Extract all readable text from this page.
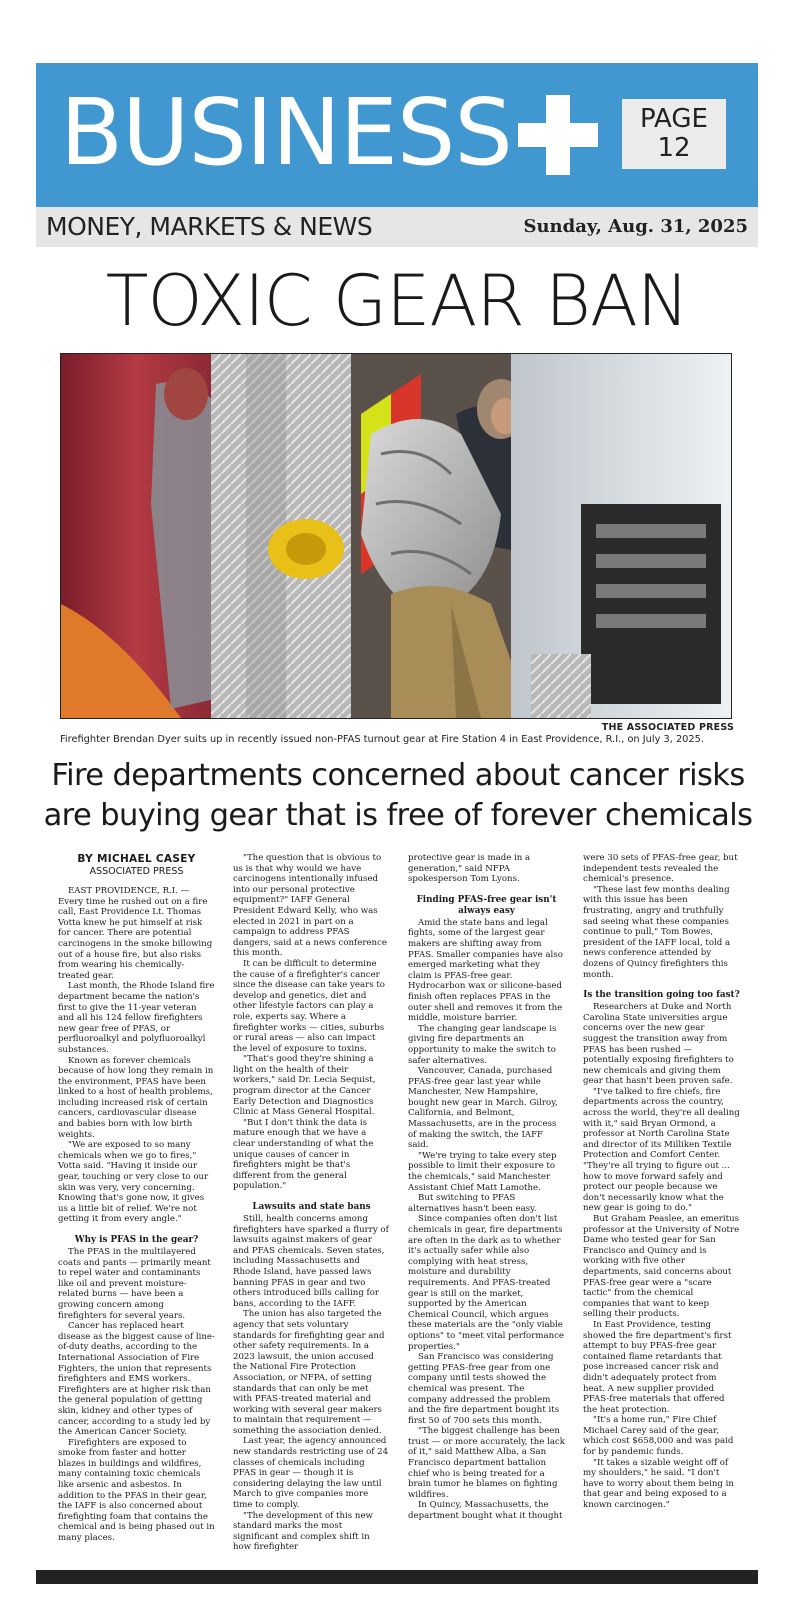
BUSINESS	PAGE
12
MONEY, MARKETS & NEWS	Sunday, Aug. 31, 2025
TOXIC GEAR BAN
THE ASSOCIATED PRESS
Firefighter Brendan Dyer suits up in recently issued non-PFAS turnout gear at Fire Station 4 in East Providence, R.I., on July 3, 2025.
Fire departments concerned about cancer risks are buying gear that is free of forever chemicals
BY MICHAEL CASEY
ASSOCIATED PRESS

EAST PROVIDENCE, R.I. — Every time he rushed out on a fire call, East Providence Lt. Thomas Votta knew he put himself at risk for cancer. There are potential carcinogens in the smoke billowing out of a house fire, but also risks from wearing his chemically-treated gear.

Last month, the Rhode Island fire department became the nation's first to give the 11-year veteran and all his 124 fellow firefighters new gear free of PFAS, or perfluoroalkyl and polyfluoroalkyl substances.

Known as forever chemicals because of how long they remain in the environment, PFAS have been linked to a host of health problems, including increased risk of certain cancers, cardiovascular disease and babies born with low birth weights.

"We are exposed to so many chemicals when we go to fires," Votta said. "Having it inside our gear, touching or very close to our skin was very, very concerning. Knowing that's gone now, it gives us a little bit of relief. We're not getting it from every angle."

Why is PFAS in the gear?

The PFAS in the multilayered coats and pants — primarily meant to repel water and contaminants like oil and prevent moisture-related burns — have been a growing concern among firefighters for several years.

Cancer has replaced heart disease as the biggest cause of line-of-duty deaths, according to the International Association of Fire Fighters, the union that represents firefighters and EMS workers. Firefighters are at higher risk than the general population of getting skin, kidney and other types of cancer, according to a study led by the American Cancer Society.

Firefighters are exposed to smoke from faster and hotter blazes in buildings and wildfires, many containing toxic chemicals like arsenic and asbestos. In addition to the PFAS in their gear, the IAFF is also concerned about firefighting foam that contains the chemical and is being phased out in many places.

"The question that is obvious to us is that why would we have carcinogens intentionally infused into our personal protective equipment?" IAFF General President Edward Kelly, who was elected in 2021 in part on a campaign to address PFAS dangers, said at a news conference this month.

It can be difficult to determine the cause of a firefighter's cancer since the disease can take years to develop and genetics, diet and other lifestyle factors can play a role, experts say. Where a firefighter works — cities, suburbs or rural areas — also can impact the level of exposure to toxins.

"That's good they're shining a light on the health of their workers," said Dr. Lecia Sequist, program director at the Cancer Early Detection and Diagnostics Clinic at Mass General Hospital.

"But I don't think the data is mature enough that we have a clear understanding of what the unique causes of cancer in firefighters might be that's different from the general population."

Lawsuits and state bans

Still, health concerns among firefighters have sparked a flurry of lawsuits against makers of gear and PFAS chemicals. Seven states, including Massachusetts and Rhode Island, have passed laws banning PFAS in gear and two others introduced bills calling for bans, according to the IAFF.

The union has also targeted the agency that sets voluntary standards for firefighting gear and other safety requirements. In a 2023 lawsuit, the union accused the National Fire Protection Association, or NFPA, of setting standards that can only be met with PFAS-treated material and working with several gear makers to maintain that requirement — something the association denied.

Last year, the agency announced new standards restricting use of 24 classes of chemicals including PFAS in gear — though it is considering delaying the law until March to give companies more time to comply.

"The development of this new standard marks the most significant and complex shift in how firefighter

protective gear is made in a generation," said NFPA spokesperson Tom Lyons.

Finding PFAS-free gear isn't always easy

Amid the state bans and legal fights, some of the largest gear makers are shifting away from PFAS. Smaller companies have also emerged marketing what they claim is PFAS-free gear. Hydrocarbon wax or silicone-based finish often replaces PFAS in the outer shell and removes it from the middle, moisture barrier.

The changing gear landscape is giving fire departments an opportunity to make the switch to safer alternatives.

Vancouver, Canada, purchased PFAS-free gear last year while Manchester, New Hampshire, bought new gear in March. Gilroy, California, and Belmont, Massachusetts, are in the process of making the switch, the IAFF said.

"We're trying to take every step possible to limit their exposure to the chemicals," said Manchester Assistant Chief Matt Lamothe.

But switching to PFAS alternatives hasn't been easy.

Since companies often don't list chemicals in gear, fire departments are often in the dark as to whether it's actually safer while also complying with heat stress, moisture and durability requirements. And PFAS-treated gear is still on the market, supported by the American Chemical Council, which argues these materials are the "only viable options" to "meet vital performance properties."

San Francisco was considering getting PFAS-free gear from one company until tests showed the chemical was present. The company addressed the problem and the fire department bought its first 50 of 700 sets this month.

"The biggest challenge has been trust — or more accurately, the lack of it," said Matthew Alba, a San Francisco department battalion chief who is being treated for a brain tumor he blames on fighting wildfires.

In Quincy, Massachusetts, the department bought what it thought

were 30 sets of PFAS-free gear, but independent tests revealed the chemical's presence.

"These last few months dealing with this issue has been frustrating, angry and truthfully sad seeing what these companies continue to pull," Tom Bowes, president of the IAFF local, told a news conference attended by dozens of Quincy firefighters this month.

Is the transition going too fast?

Researchers at Duke and North Carolina State universities argue concerns over the new gear suggest the transition away from PFAS has been rushed — potentially exposing firefighters to new chemicals and giving them gear that hasn't been proven safe.

"I've talked to fire chiefs, fire departments across the country, across the world, they're all dealing with it," said Bryan Ormond, a professor at North Carolina State and director of its Milliken Textile Protection and Comfort Center. "They're all trying to figure out ... how to move forward safely and protect our people because we don't necessarily know what the new gear is going to do."

But Graham Peaslee, an emeritus professor at the University of Notre Dame who tested gear for San Francisco and Quincy and is working with five other departments, said concerns about PFAS-free gear were a "scare tactic" from the chemical companies that want to keep selling their products.

In East Providence, testing showed the fire department's first attempt to buy PFAS-free gear contained flame retardants that pose increased cancer risk and didn't adequately protect from heat. A new supplier provided PFAS-free materials that offered the heat protection.

"It's a home run," Fire Chief Michael Carey said of the gear, which cost $658,000 and was paid for by pandemic funds.

"It takes a sizable weight off of my shoulders," he said. "I don't have to worry about them being in that gear and being exposed to a known carcinogen."
